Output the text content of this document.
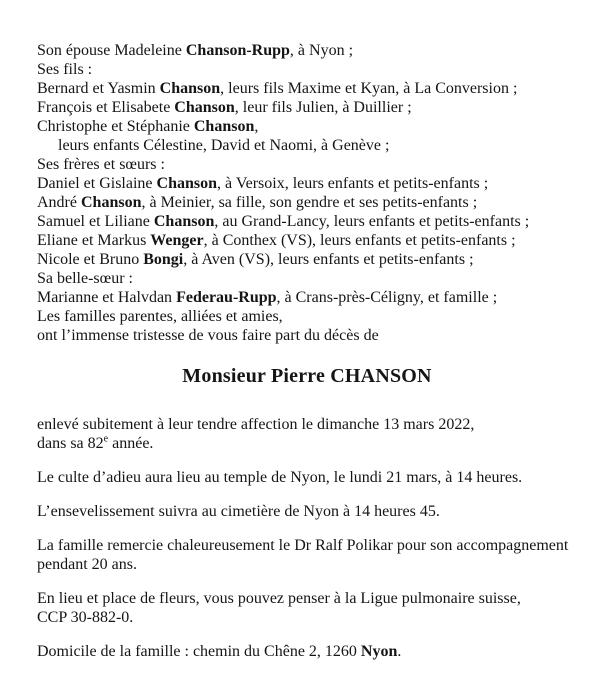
Son épouse Madeleine Chanson-Rupp, à Nyon ;

Ses fils :

Bernard et Yasmin Chanson, leurs fils Maxime et Kyan, à La Conversion ;

François et Elisabete Chanson, leur fils Julien, à Duillier ;

Christophe et Stéphanie Chanson,

leurs enfants Célestine, David et Naomi, à Genève ;

Ses frères et sœurs :

Daniel et Gislaine Chanson, à Versoix, leurs enfants et petits-enfants ;

André Chanson, à Meinier, sa fille, son gendre et ses petits-enfants ;

Samuel et Liliane Chanson, au Grand-Lancy, leurs enfants et petits-enfants ;

Eliane et Markus Wenger, à Conthex (VS), leurs enfants et petits-enfants ;

Nicole et Bruno Bongi, à Aven (VS), leurs enfants et petits-enfants ;

Sa belle-sœur :

Marianne et Halvdan Federau-Rupp, à Crans-près-Céligny, et famille ;

Les familles parentes, alliées et amies,

ont l’immense tristesse de vous faire part du décès de

Monsieur Pierre CHANSON
enlevé subitement à leur tendre affection le dimanche 13 mars 2022,
dans sa 82e année.

Le culte d’adieu aura lieu au temple de Nyon, le lundi 21 mars, à 14 heures.

L’ensevelissement suivra au cimetière de Nyon à 14 heures 45.

La famille remercie chaleureusement le Dr Ralf Polikar pour son accompagnement
pendant 20 ans.
En lieu et place de fleurs, vous pouvez penser à la Ligue pulmonaire suisse,
CCP 30-882-0.

Domicile de la famille : chemin du Chêne 2, 1260 Nyon.
